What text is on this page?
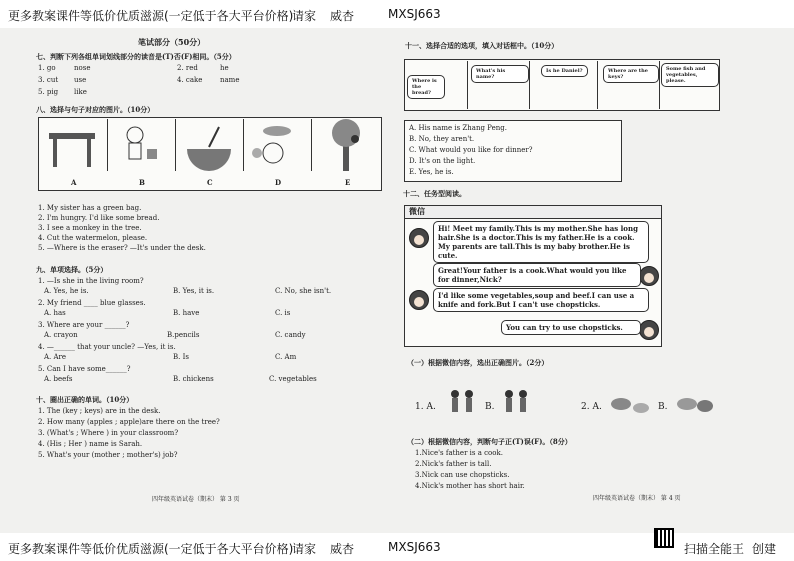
更多教案课件等低价优质滋源(一定低于各大平台价格)
请家 威杏	MXSJ663
笔试部分（50分）
七、判断下列各组单词划线部分的读音是(T)否(F)相同。（5分）
1. go	nose	2. red	he
3. cut use	4. cake	name
5. pig like
八、选择与句子对应的图片。（10分）
A	B	C	D	E
1. My sister has a green bag.
2. I'm hungry. I'd like some bread.
3. I see a monkey in the tree.
4. Cut the watermelon, please.
5. —Where is the eraser? —It's under the desk.
九、单项选择。（5分）
1. —Is she in the living room?
A. Yes, he is.	B. Yes, it is.	C. No, she isn't.
2. My friend ____ blue glasses.
A. has	B. have	C. is
3. Where are your ______?
A. crayon	B.pencils	C. candy
4. —______ that your uncle? —Yes, it is.
A. Are	B. Is	C. Am
5. Can I have some______?
A. beefs	B. chickens	C. vegetables
十、圈出正确的单词。（10分）
1. The (key ; keys) are in the desk.
2. How many (apples ; apple)are there on the tree?
3. (What's ; Where ) in your classroom?
4. (His ; Her ) name is Sarah.
5. What's your (mother ; mother's) job?
四年级英语试卷（期末） 第 3 页
十一、选择合适的选项，填入对话框中。（10分）
Where is the bread?
What's his name?
Is he Daniel?	Where are the keys?
Some fish and vegetables, please.
A. His name is Zhang Peng.
B. No, they aren't.
C. What would you like for dinner?
D. It's on the light.
E. Yes, he is.
十二、任务型阅读。
微信
Hi! Meet my family.This is my mother.She has long hair.She is a doctor.This is my father.He is a cook. My parents are tall.This is my baby brother.He is cute.
Great!Your father is a cook.What would you like for dinner,Nick?
I'd like some vegetables,soup and beef.I can use a knife and fork.But I can't use chopsticks.
You can try to use chopsticks.
（一）根据微信内容，选出正确图片。（2分）
1. A.	B.	2. A.	B.
（二）根据微信内容，判断句子正(T)误(F)。（8分）
1.Nice's father is a cook.
2.Nick's father is tall.
3.Nick can use chopsticks.
4.Nick's mother has short hair.
四年级英语试卷（期末） 第 4 页
更多教案课件等低价优质滋源(一定低于各大平台价格)
请家 威杏	MXSJ663	扫描全能王 创建
